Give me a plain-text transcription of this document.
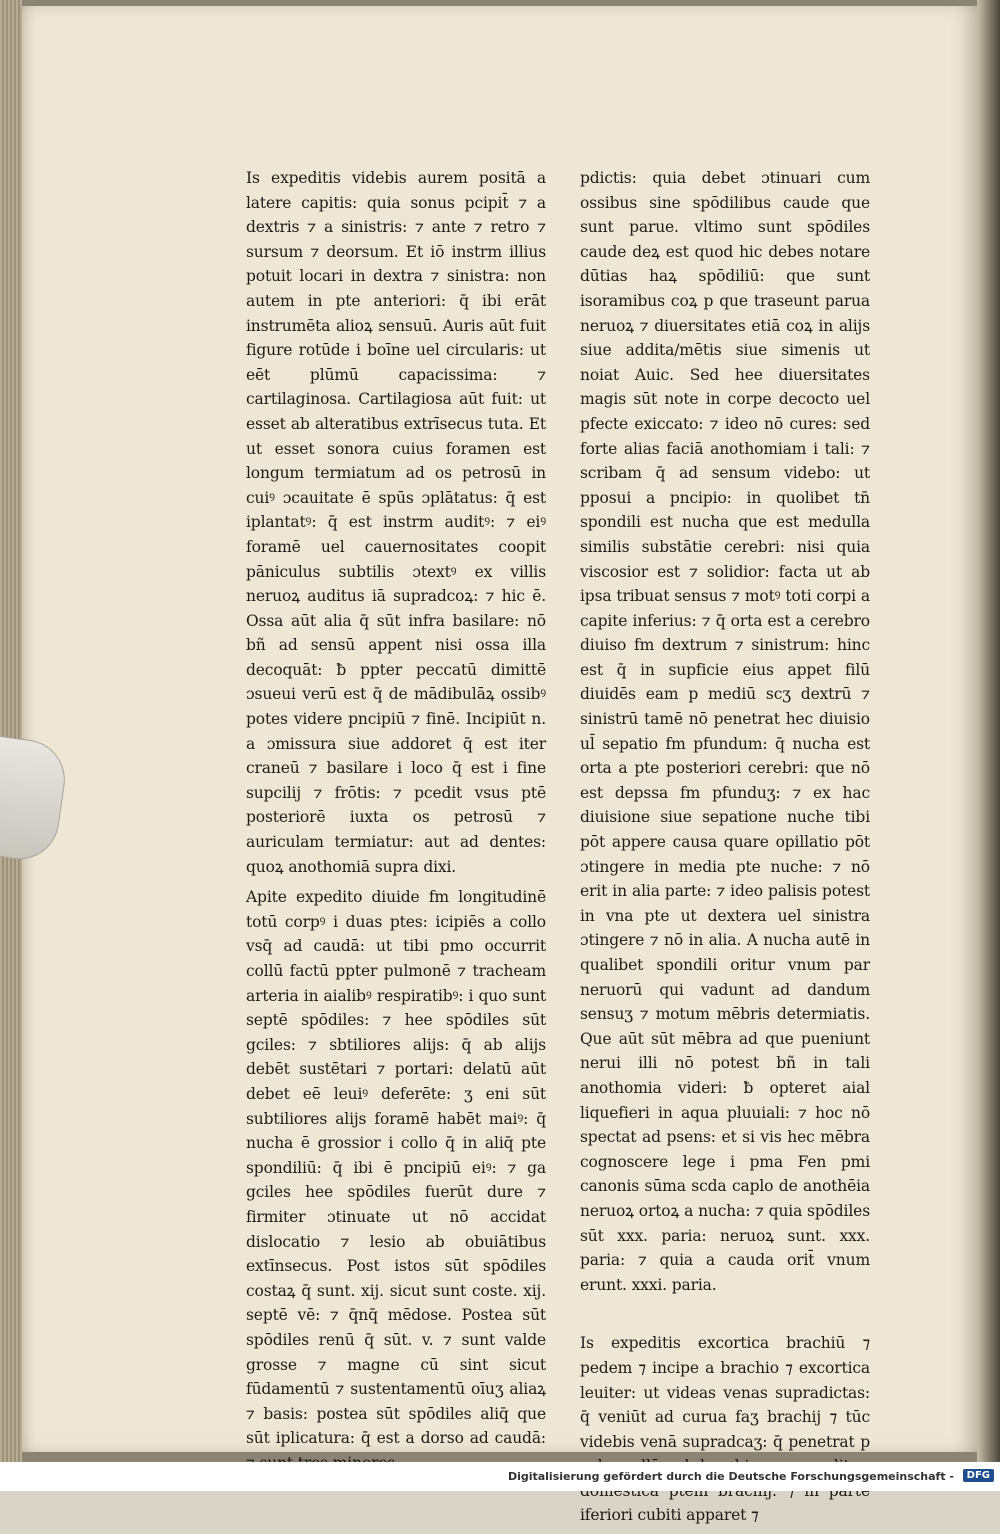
Is expeditis videbis aurem positā a latere capitis: quia sonus pcipit̄ ⁊ a dextris ⁊ a sinistris: ⁊ ante ⁊ retro ⁊ sursum ⁊ deorsum. Et iō instrm illius potuit locari in dextra ⁊ sinistra: non autem in pte anteriori: q̄ ibi erāt instrumēta alioꝝ sensuū. Auris aūt fuit figure rotūde i boīne uel circularis: ut eēt plūmū capacissima: ⁊ cartilaginosa. Cartilagiosa aūt fuit: ut esset ab alteratibus extrīsecus tuta. Et ut esset sonora cuius foramen est longum termiatum ad os petrosū in cuiꝰ ɔcauitate ē spūs ɔplātatus: q̄ est iplantatꝰ: q̄ est instrm auditꝰ: ⁊ eiꝰ foramē uel cauernositates coopit pāniculus subtilis ɔtextꝰ ex villis neruoꝝ auditus iā supradcoꝝ: ⁊ hic ē. Ossa aūt alia q̄ sūt infra basilare: nō bñ ad sensū appent nisi ossa illa decoquāt: ƀ ppter peccatū dimittē ɔsueui verū est q̄ de mādibulāꝝ ossibꝰ potes videre pncipiū ⁊ finē. Incipiūt n. a ɔmissura siue addoret q̄ est iter craneū ⁊ basilare i loco q̄ est i fine supcilij ⁊ frōtis: ⁊ pcedit vsus ptē posteriorē iuxta os petrosū ⁊ auriculam termiatur: aut ad dentes: quoꝝ anothomiā supra dixi.

Apite expedito diuide fm longitudinē totū corpꝰ i duas ptes: icipiēs a collo vsq̄ ad caudā: ut tibi pmo occurrit collū factū ppter pulmonē ⁊ tracheam arteria in aialibꝰ respiratibꝰ: i quo sunt septē spōdiles: ⁊ hee spōdiles sūt gciles: ⁊ sbtiliores alijs: q̄ ab alijs debēt sustētari ⁊ portari: delatū aūt debet eē leuiꝰ deferēte: ʒ eni sūt subtiliores alijs foramē habēt maiꝰ: q̄ nucha ē grossior i collo q̄ in aliq̄ pte spondiliū: q̄ ibi ē pncipiū eiꝰ: ⁊ ga gciles hee spōdiles fuerūt dure ⁊ firmiter ɔtinuate ut nō accidat dislocatio ⁊ lesio ab obuiātibus extīnsecus. Post istos sūt spōdiles costaꝝ q̄ sunt. xij. sicut sunt coste. xij. septē vē: ⁊ q̄nq̄ mēdose. Postea sūt spōdiles renū q̄ sūt. v. ⁊ sunt valde grosse ⁊ magne cū sint sicut fūdamentū ⁊ sustentamentū oīuʒ aliaꝝ ⁊ basis: postea sūt spōdiles aliq̄ que sūt iplicatura: q̄ est a dorso ad caudā:

pdictis: quia debet ɔtinuari cum ossibus sine spōdilibus caude que sunt parue. vltimo sunt spōdiles caude deꝝ est quod hic debes notare dūtias haꝝ spōdiliū: que sunt isoramibus coꝝ p que traseunt parua neruoꝝ ⁊ diuersitates etiā coꝝ in alijs siue addita/mētis siue simenis ut noiat Auic. Sed hee diuersitates magis sūt note in corpe decocto uel pfecte exiccato: ⁊ ideo nō cures: sed forte alias faciā anothomiam i tali: ⁊ scribam q̄ ad sensum videbo: ut pposui a pncipio: in quolibet tn̄ spondili est nucha que est medulla similis substātie cerebri: nisi quia viscosior est ⁊ solidior: facta ut ab ipsa tribuat sensus ⁊ motꝰ toti corpi a capite inferius: ⁊ q̄ orta est a cerebro diuiso fm dextrum ⁊ sinistrum: hinc est q̄ in supficie eius appet filū diuidēs eam p mediū scʒ dextrū ⁊ sinistrū tamē nō penetrat hec diuisio ul̄ sepatio fm pfundum: q̄ nucha est orta a pte posteriori cerebri: que nō est depssa fm pfunduʒ: ⁊ ex hac diuisione siue sepatione nuche tibi pōt appere causa quare opillatio pōt ɔtingere in media pte nuche: ⁊ nō erit in alia parte: ⁊ ideo palisis potest in vna pte ut dextera uel sinistra ɔtingere ⁊ nō in alia. A nucha autē in qualibet spondili oritur vnum par neruorū qui vadunt ad dandum sensuʒ ⁊ motum mēbris determiatis. Que aūt sūt mēbra ad que pueniunt nerui illi nō potest bñ in tali anothomia videri: ƀ opteret aial liquefieri in aqua pluuiali: ⁊ hoc nō spectat ad psens: et si vis hec mēbra cognoscere lege i pma Fen pmi canonis sūma scda caplo de anothēia neruoꝝ ortoꝝ a nucha: ⁊ quia spōdiles sūt xxx. paria: neruoꝝ sunt. xxx. paria: ⁊ quia a cauda orit̄ vnum erunt. xxxi. paria.

Is expeditis excortica brachiū ⁊ pedem ⁊ incipe a brachio ⁊ excortica leuiter: ut videas venas supradictas: q̄ veniūt ad curua faʒ brachij ⁊ tūc videbis venā supradcaʒ: q̄ penetrat p iferiori cubiti apparet ⁊

Digitalisierung gefördert durch die Deutsche Forschungsgemeinschaft -	DFG
